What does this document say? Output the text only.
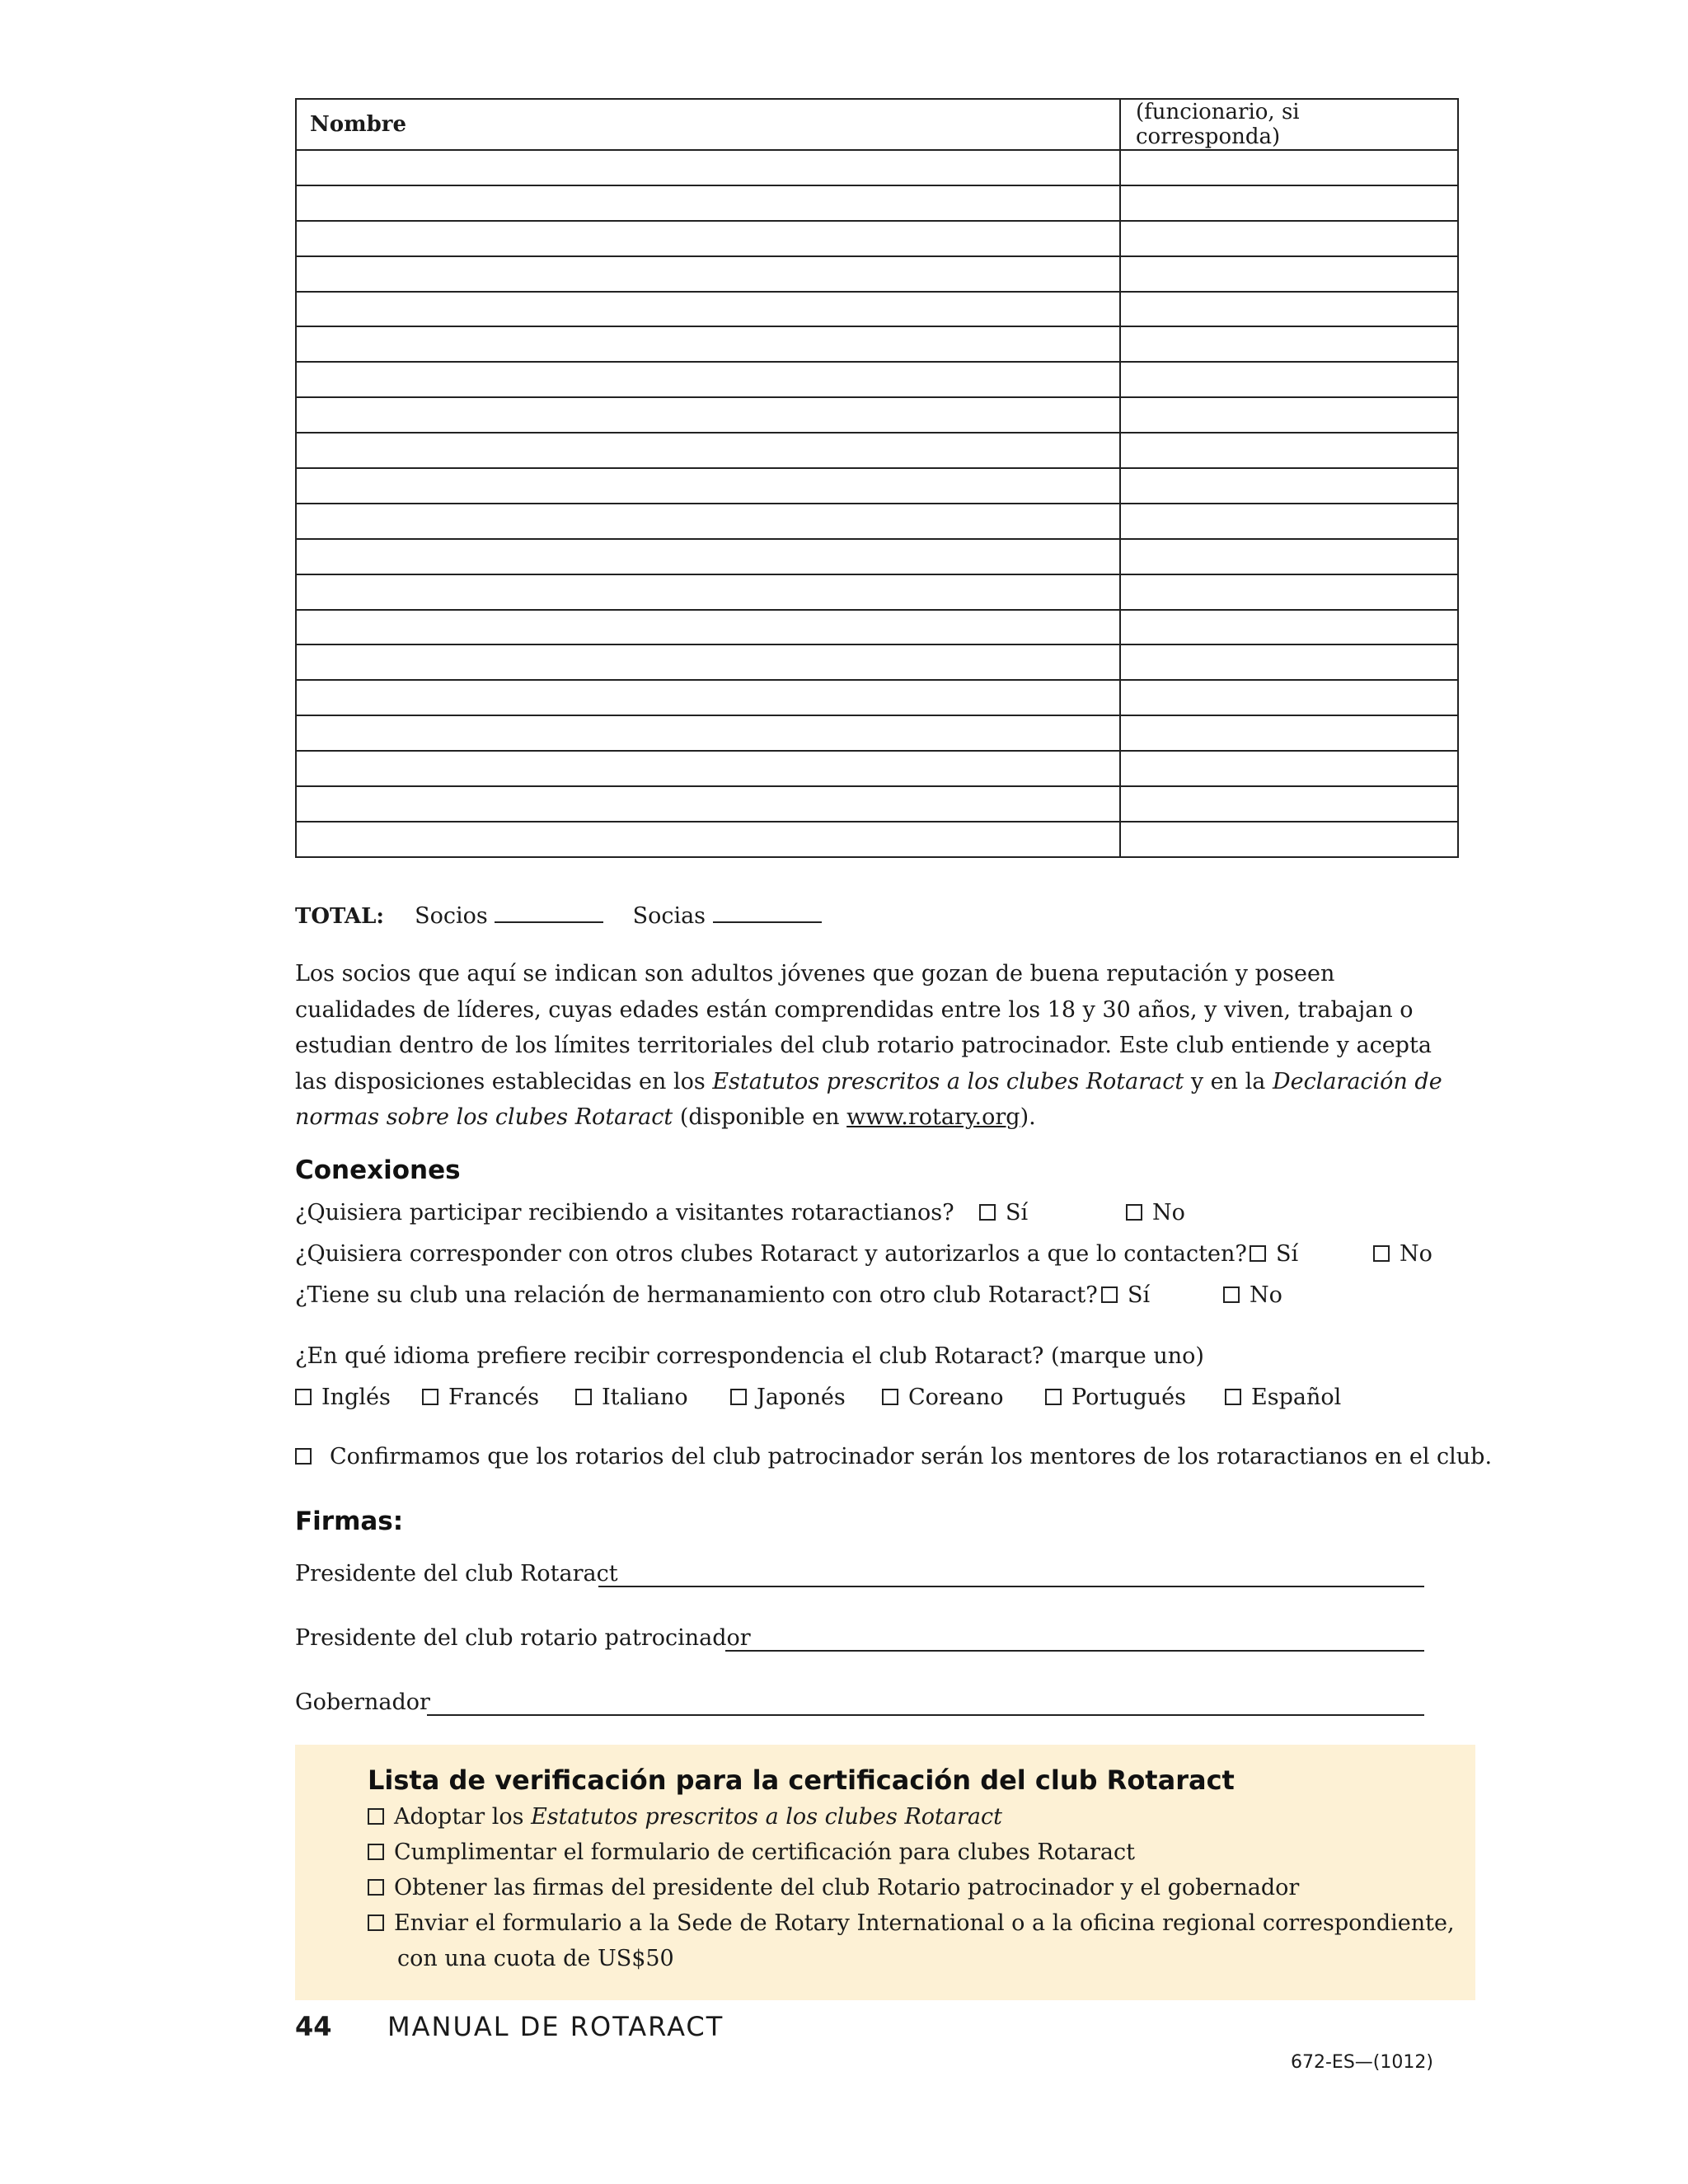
Nombre	(funcionario, si corresponda)

TOTAL: Socios	Socias
Los socios que aquí se indican son adultos jóvenes que gozan de buena reputación y poseen cualidades de líderes, cuyas edades están comprendidas entre los 18 y 30 años, y viven, trabajan o estudian dentro de los límites territoriales del club rotario patrocinador. Este club entiende y acepta las disposiciones establecidas en los Estatutos prescritos a los clubes Rotaract y en la Declaración de normas sobre los clubes Rotaract (disponible en www.rotary.org).
Conexiones
¿Quisiera participar recibiendo a visitantes rotaractianos?	Sí	No
¿Quisiera corresponder con otros clubes Rotaract y autorizarlos a que lo contacten?	Sí	No
¿Tiene su club una relación de hermanamiento con otro club Rotaract?	Sí	No
¿En qué idioma prefiere recibir correspondencia el club Rotaract? (marque uno)
Inglés	Francés	Italiano	Japonés	Coreano	Portugués	Español
Confirmamos que los rotarios del club patrocinador serán los mentores de los rotaractianos en el club.
Firmas:
Presidente del club Rotaract
Presidente del club rotario patrocinador
Gobernador
Lista de verificación para la certificación del club Rotaract
Adoptar los Estatutos prescritos a los clubes Rotaract
Cumplimentar el formulario de certificación para clubes Rotaract
Obtener las firmas del presidente del club Rotario patrocinador y el gobernador
Enviar el formulario a la Sede de Rotary International o a la oficina regional correspondiente,
con una cuota de US$50
44 MANUAL DE ROTARACT
672-ES—(1012)
